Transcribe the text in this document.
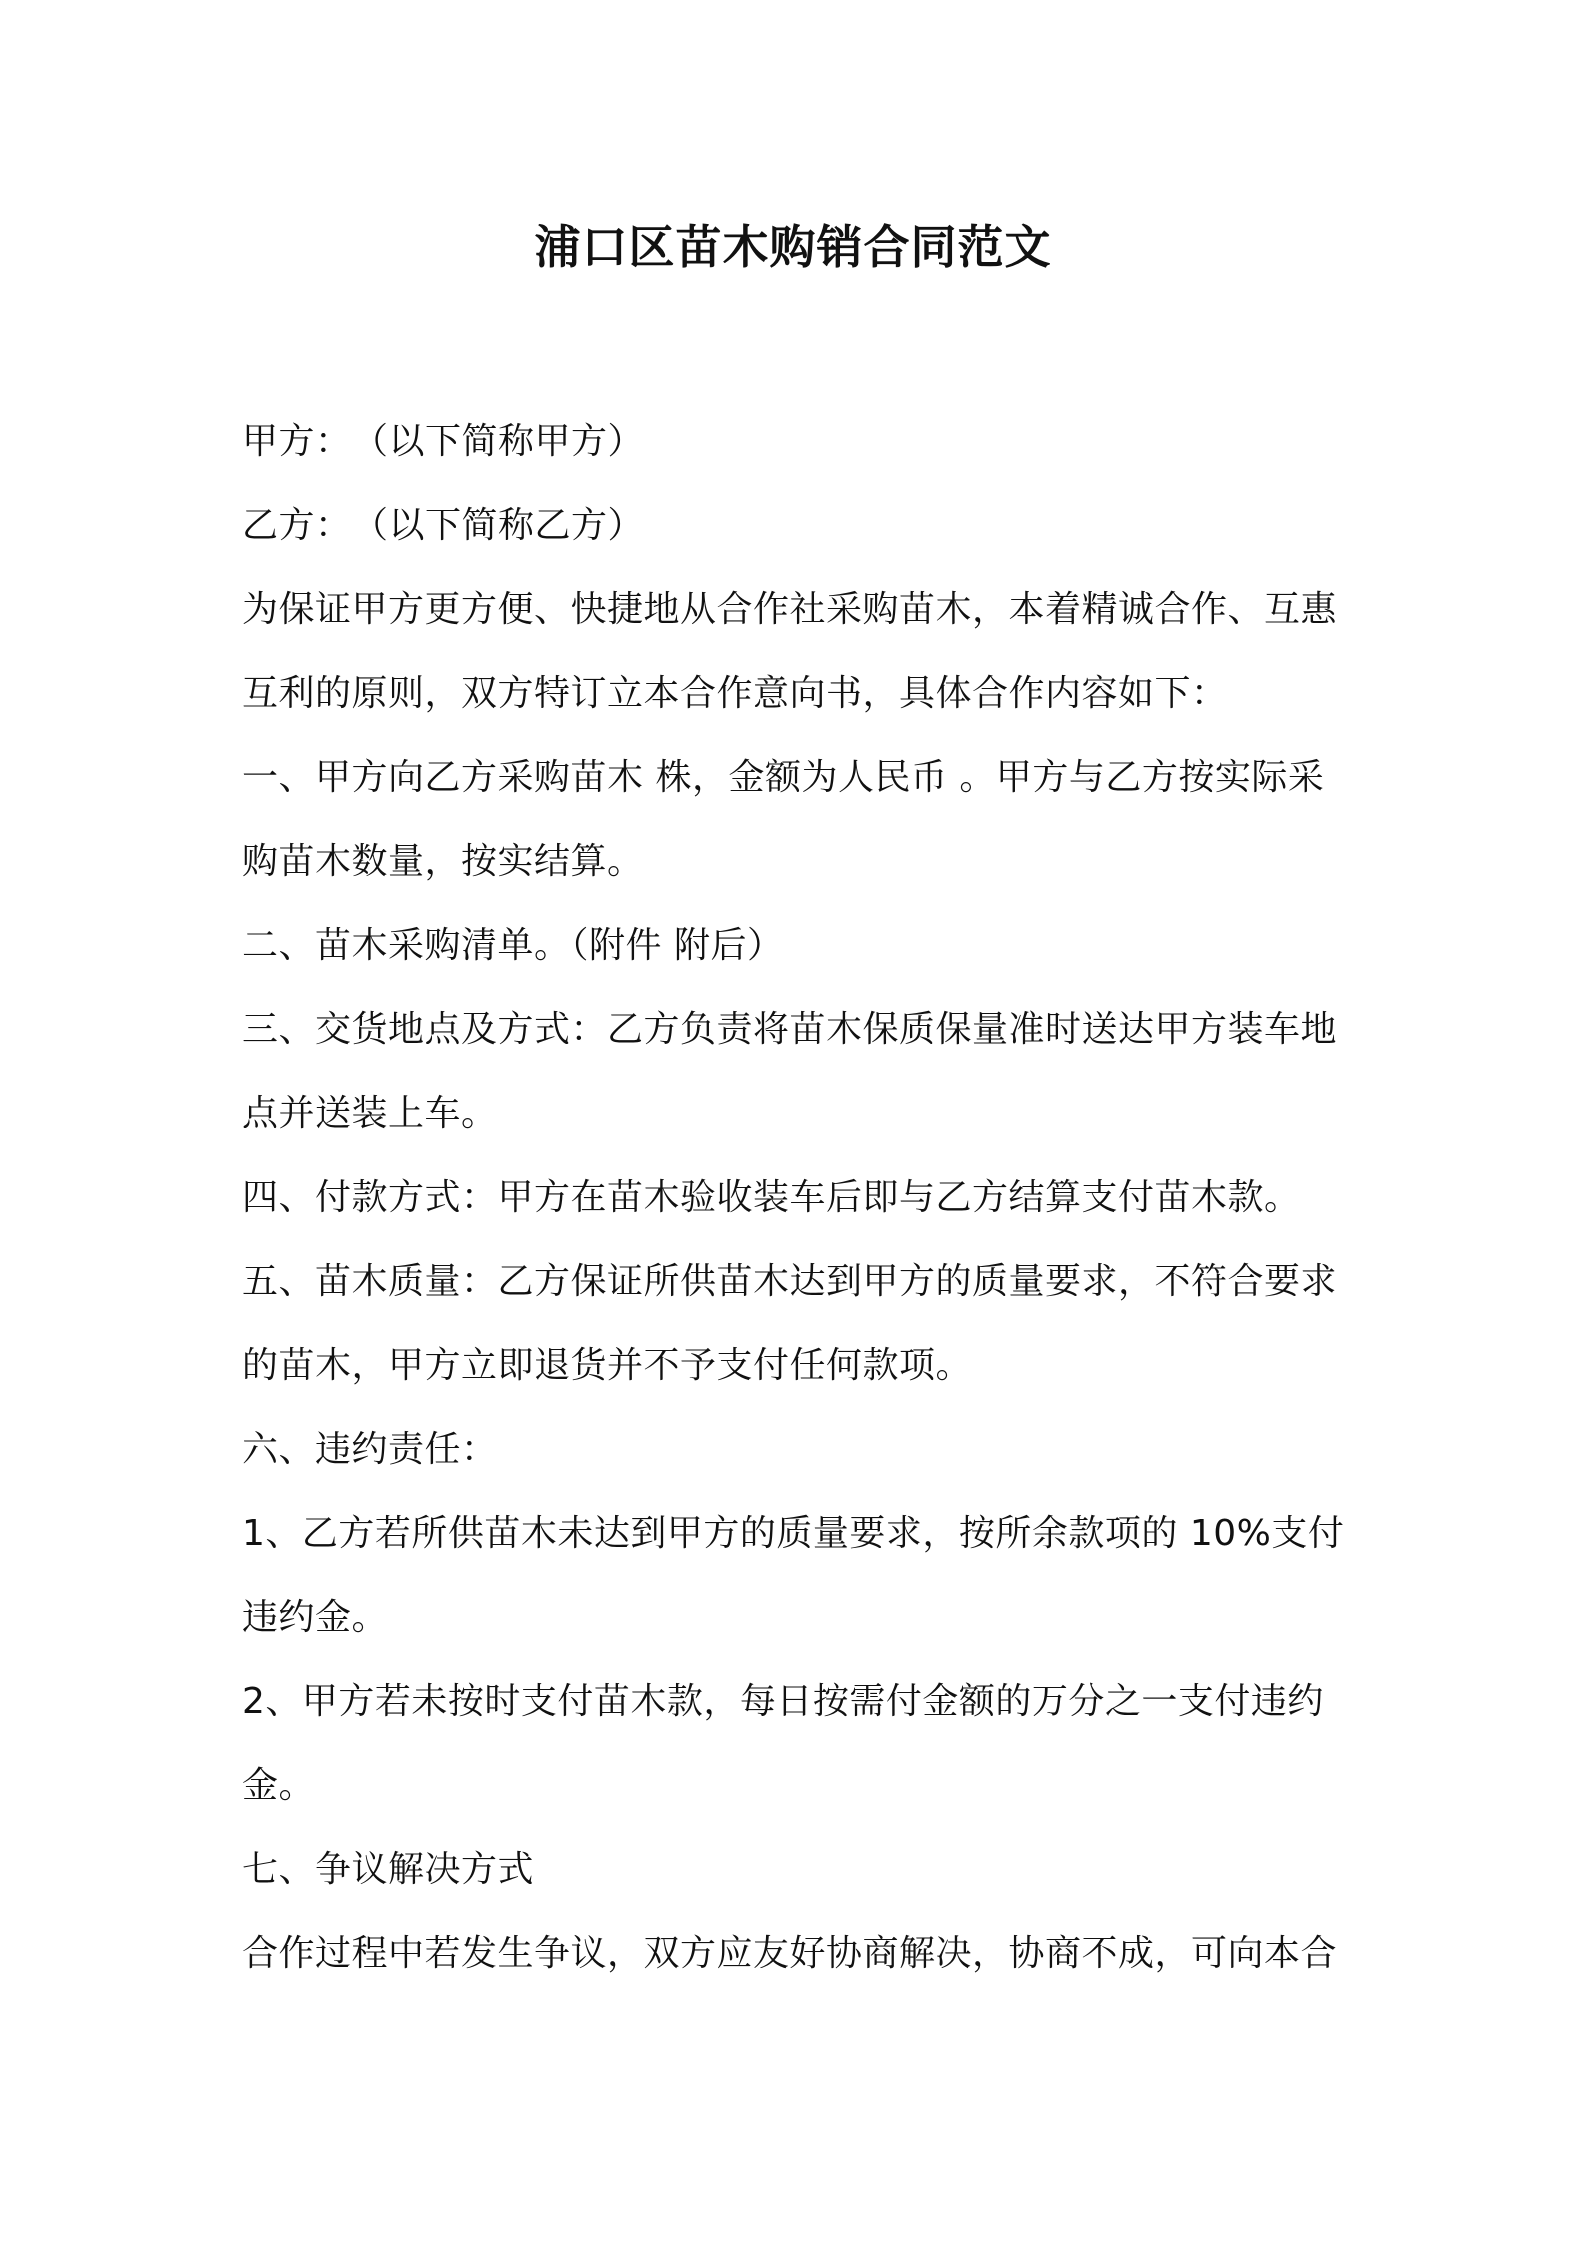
浦口区苗木购销合同范文
甲方：　（以下简称甲方）
乙方：　（以下简称乙方）
为保证甲方更方便、快捷地从合作社采购苗木，本着精诚合作、互惠
互利的原则，双方特订立本合作意向书，具体合作内容如下：
一、甲方向乙方采购苗木 株，金额为人民币 。甲方与乙方按实际采
购苗木数量，按实结算。
二、苗木采购清单。（附件 附后）
三、交货地点及方式：乙方负责将苗木保质保量准时送达甲方装车地
点并送装上车。
四、付款方式：甲方在苗木验收装车后即与乙方结算支付苗木款。
五、苗木质量：乙方保证所供苗木达到甲方的质量要求，不符合要求
的苗木，甲方立即退货并不予支付任何款项。
六、违约责任：
1、乙方若所供苗木未达到甲方的质量要求，按所余款项的 10%支付
违约金。
2、甲方若未按时支付苗木款，每日按需付金额的万分之一支付违约
金。
七、争议解决方式
合作过程中若发生争议，双方应友好协商解决，协商不成，可向本合
